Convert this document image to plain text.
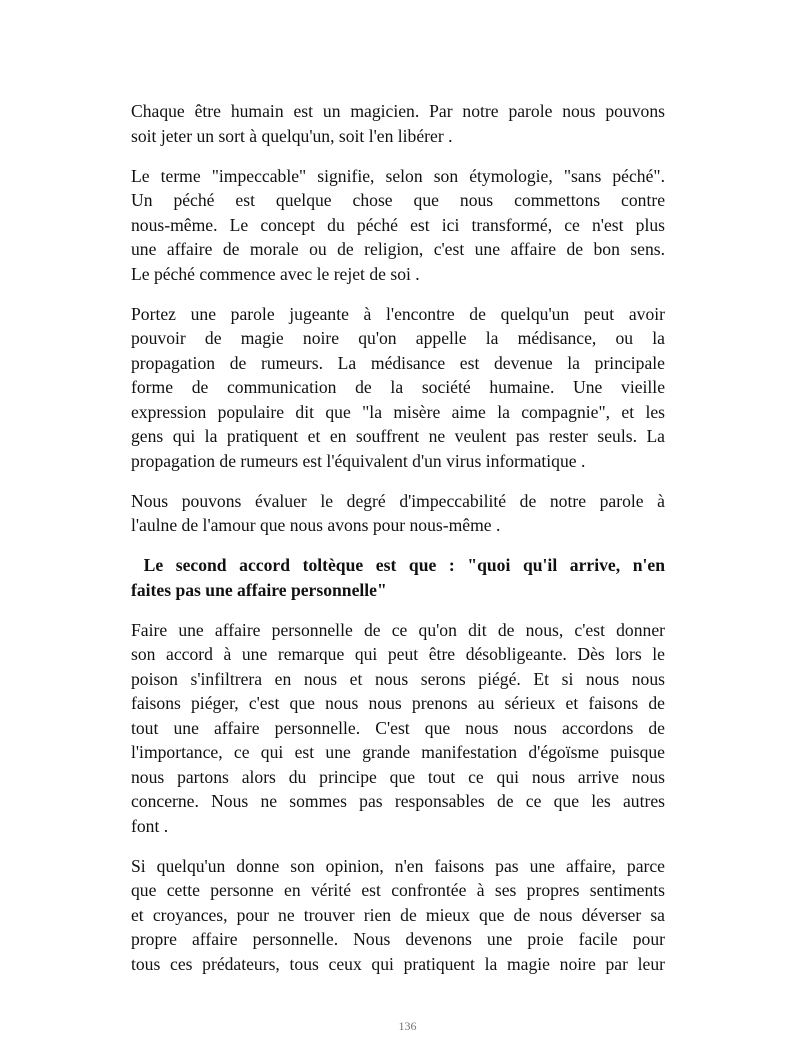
Chaque être humain est un magicien. Par notre parole nous pouvons
soit jeter un sort à quelqu'un, soit l'en libérer .
Le terme "impeccable" signifie, selon son étymologie, "sans péché".
Un péché est quelque chose que nous commettons contre
nous-même. Le concept du péché est ici transformé, ce n'est plus
une affaire de morale ou de religion, c'est une affaire de bon sens.
Le péché commence avec le rejet de soi .
Portez une parole jugeante à l'encontre de quelqu'un peut avoir
pouvoir de magie noire qu'on appelle la médisance, ou la
propagation de rumeurs. La médisance est devenue la principale
forme de communication de la société humaine. Une vieille
expression populaire dit que "la misère aime la compagnie", et les
gens qui la pratiquent et en souffrent ne veulent pas rester seuls. La
propagation de rumeurs est l'équivalent d'un virus informatique .
Nous pouvons évaluer le degré d'impeccabilité de notre parole à
l'aulne de l'amour que nous avons pour nous-même .
Le second accord toltèque est que : "quoi qu'il arrive, n'en
faites pas une affaire personnelle"
Faire une affaire personnelle de ce qu'on dit de nous, c'est donner
son accord à une remarque qui peut être désobligeante. Dès lors le
poison s'infiltrera en nous et nous serons piégé. Et si nous nous
faisons piéger, c'est que nous nous prenons au sérieux et faisons de
tout une affaire personnelle. C'est que nous nous accordons de
l'importance, ce qui est une grande manifestation d'égoïsme puisque
nous partons alors du principe que tout ce qui nous arrive nous
concerne. Nous ne sommes pas responsables de ce que les autres
font .
Si quelqu'un donne son opinion, n'en faisons pas une affaire, parce
que cette personne en vérité est confrontée à ses propres sentiments
et croyances, pour ne trouver rien de mieux que de nous déverser sa
propre affaire personnelle. Nous devenons une proie facile pour
tous ces prédateurs, tous ceux qui pratiquent la magie noire par leur
136
